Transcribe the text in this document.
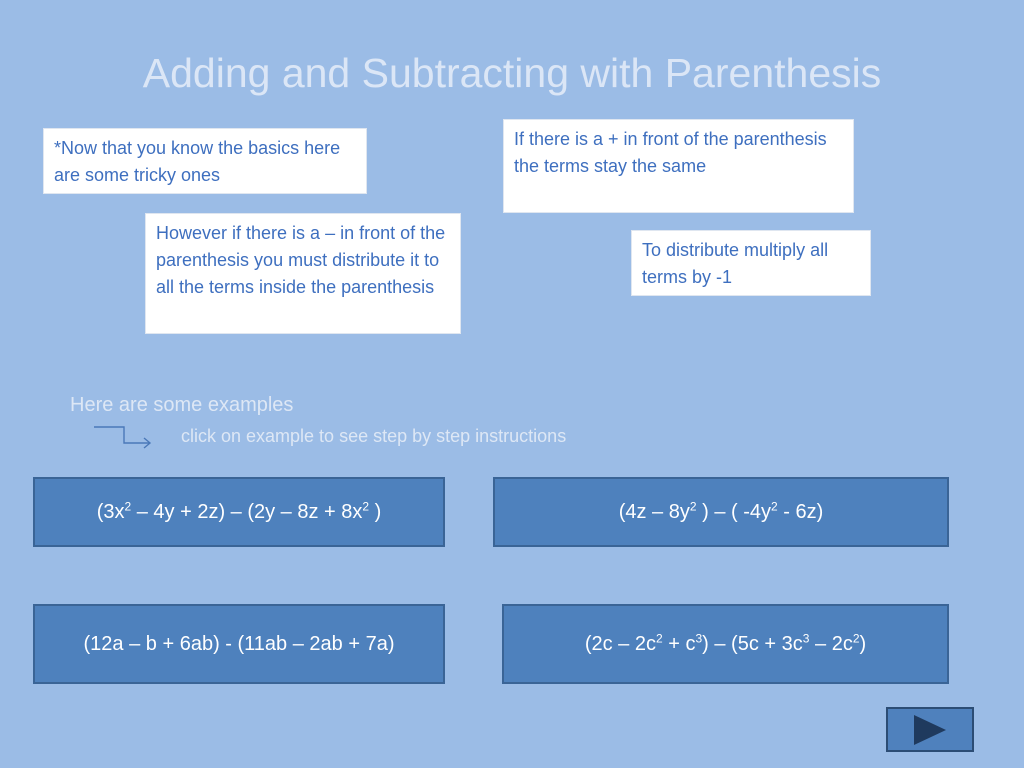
Adding and Subtracting with Parenthesis
*Now that you know the basics here are some tricky ones
If there is a + in front of the parenthesis the terms stay the same
However if there is a – in front of the parenthesis you must distribute it to all the terms inside the parenthesis
To distribute multiply all terms by -1
Here are some examples
click on example to see step by step instructions
$(3x^2 - 4y + 2z) - (2y - 8z + 8x^2$ )	($4z - 8y^2$ ) – ( $-4y^2 - 6z$)
(12a – b + 6ab) - (11ab – 2ab + 7a)	$(2c - 2c^2 + c^3) - (5c + 3c^3 - 2c^2)$
